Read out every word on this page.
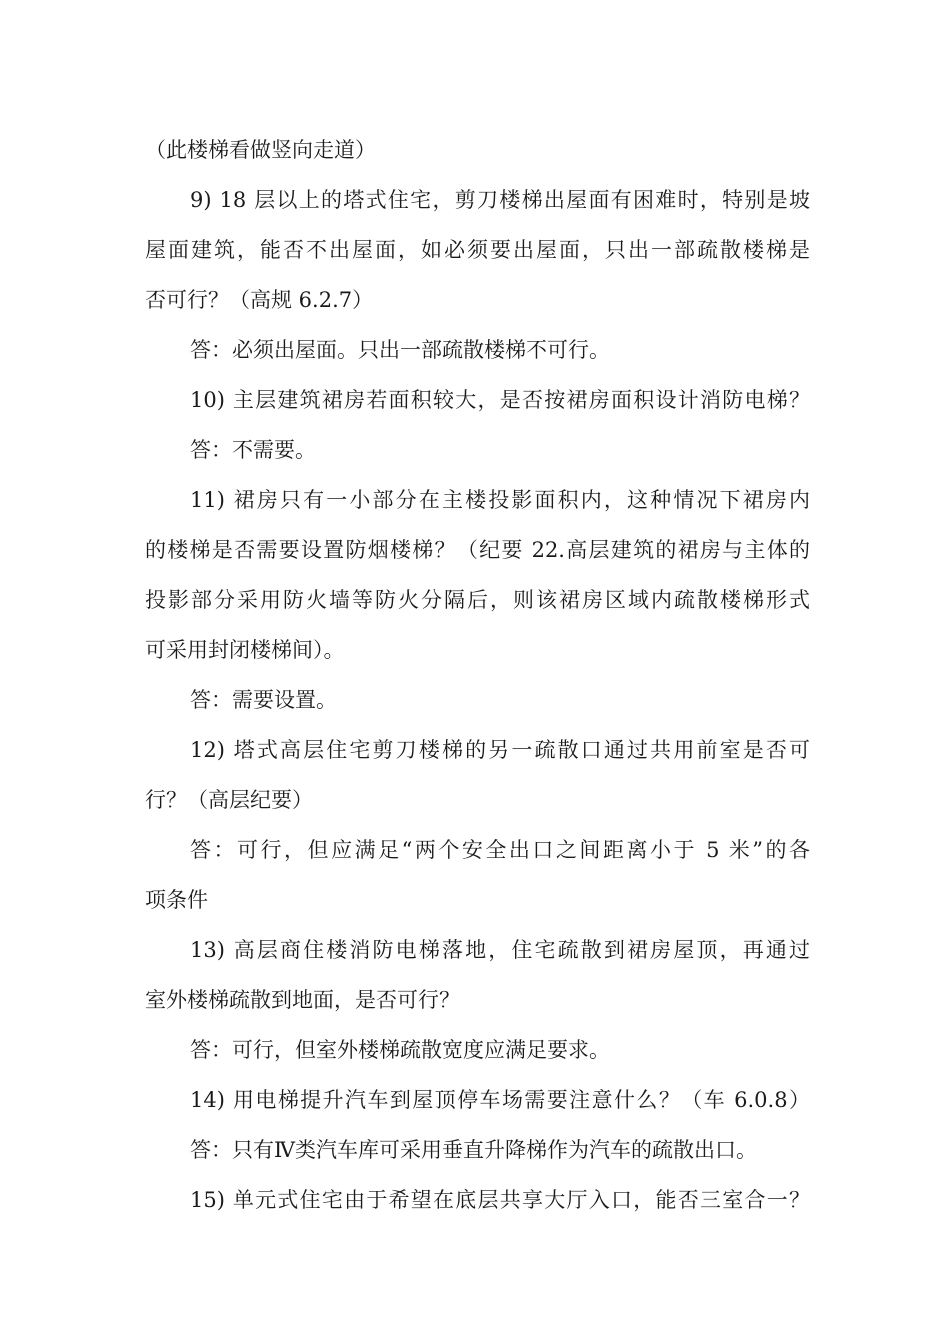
（此楼梯看做竖向走道）
9) 18 层以上的塔式住宅，剪刀楼梯出屋面有困难时，特别是坡
屋面建筑，能否不出屋面，如必须要出屋面，只出一部疏散楼梯是
否可行？（高规 6.2.7）
答：必须出屋面。只出一部疏散楼梯不可行。
10) 主层建筑裙房若面积较大，是否按裙房面积设计消防电梯？
答：不需要。
11) 裙房只有一小部分在主楼投影面积内，这种情况下裙房内
的楼梯是否需要设置防烟楼梯？（纪要 22.高层建筑的裙房与主体的
投影部分采用防火墙等防火分隔后，则该裙房区域内疏散楼梯形式
可采用封闭楼梯间）。
答：需要设置。
12) 塔式高层住宅剪刀楼梯的另一疏散口通过共用前室是否可
行？（高层纪要）
答：可行，但应满足“两个安全出口之间距离小于 5 米”的各
项条件
13) 高层商住楼消防电梯落地，住宅疏散到裙房屋顶，再通过
室外楼梯疏散到地面，是否可行？
答：可行，但室外楼梯疏散宽度应满足要求。
14) 用电梯提升汽车到屋顶停车场需要注意什么？（车 6.0.8）
答：只有Ⅳ类汽车库可采用垂直升降梯作为汽车的疏散出口。
15) 单元式住宅由于希望在底层共享大厅入口，能否三室合一？
